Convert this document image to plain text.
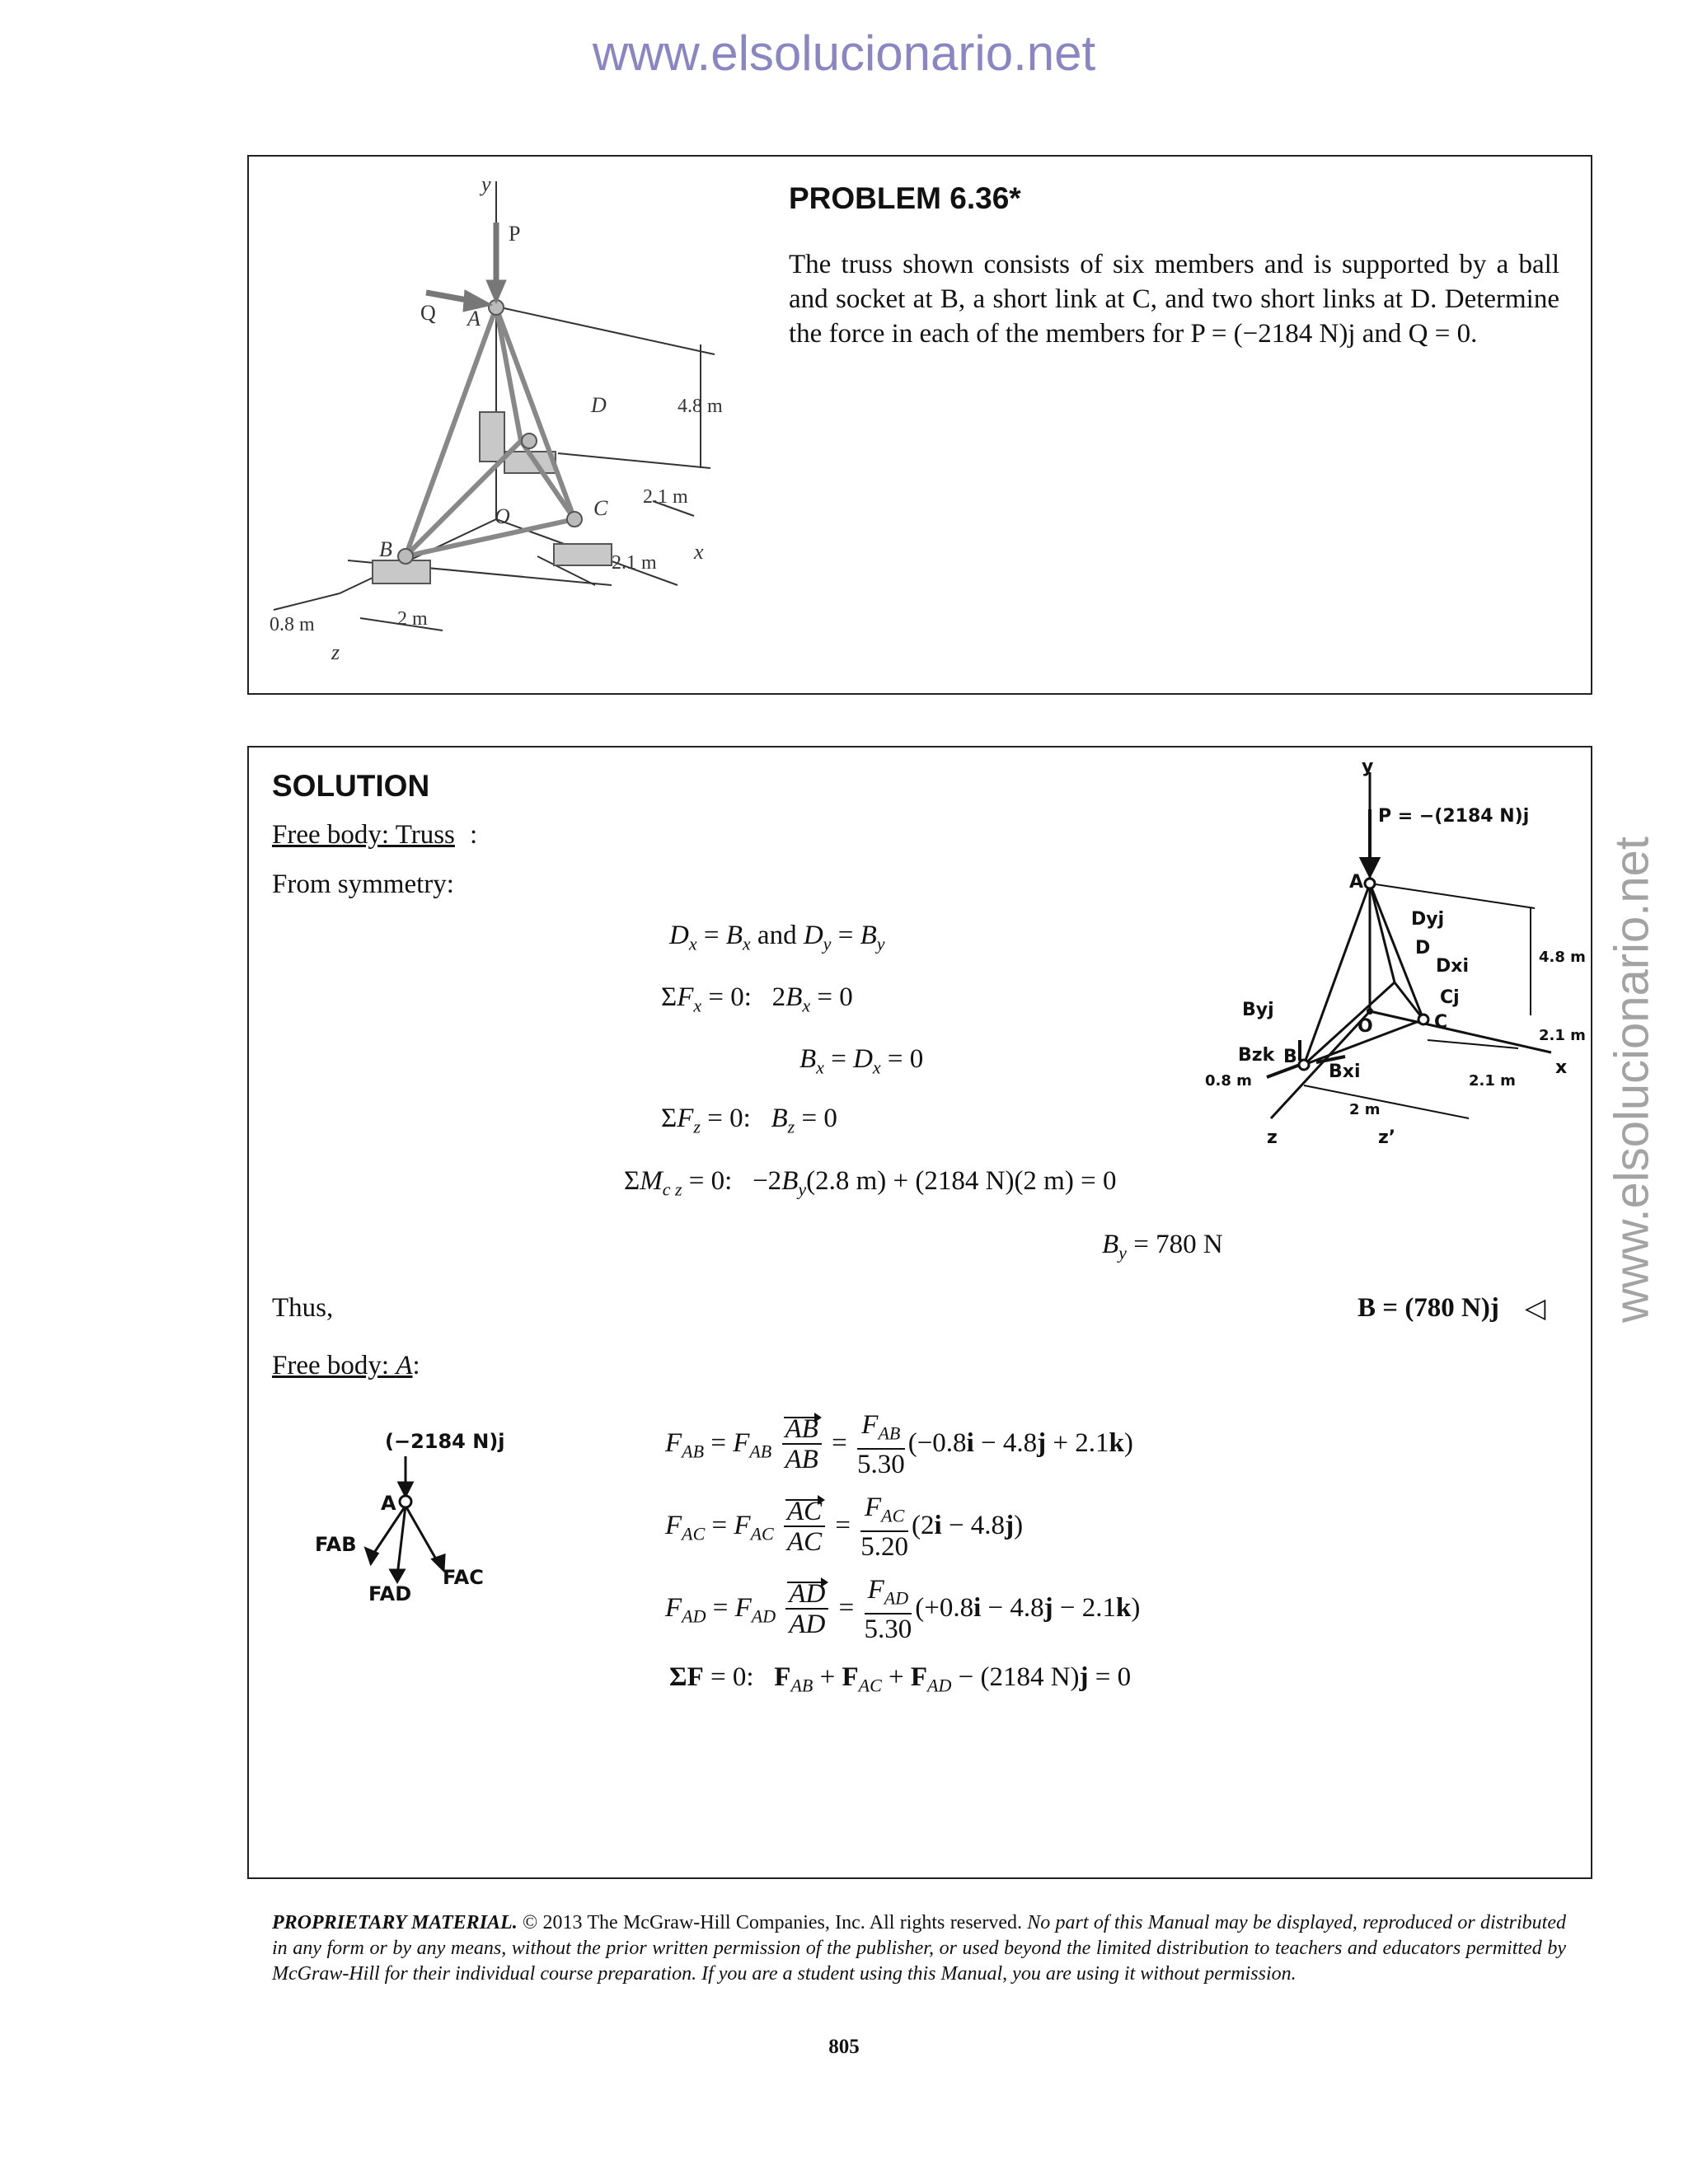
www.elsolucionario.net
www.elsolucionario.net
y
P
Q A
D
O	C
B	x
z
4.8 m
2.1 m
2.1 m
0.8 m	2 m
PROBLEM 6.36*
The truss shown consists of six members and is supported by a ball and socket at B, a short link at C, and two short links at D. Determine the force in each of the members for P = (−2184 N)j and Q = 0.
SOLUTION
Free body: Truss :
From symmetry:
$D_x = B_x$ and $D_y = B_y$
$\Sigma F_x = 0$:   $2B_x = 0$
$B_x = D_x = 0$
$\Sigma F_z = 0$:   $B_z = 0$
$\Sigma M_{c z} = 0$:   $-2B_y(2.8$ m) + (2184 N)(2 m) = 0
$B_y = 780$ N
Thus,	B = (780 N)j ◁
Free body: A:
$F_{AB} = F_{AB} \frac{AB}{AB} = \frac{F_{AB}}{5.30} (-0.8i - 4.8j + 2.1k)$
$F_{AC} = F_{AC} \frac{AC}{AC} = \frac{F_{AC}}{5.20} (2i - 4.8j)$
$F_{AD} = F_{AD} \frac{AD}{AD} = \frac{F_{AD}}{5.30} (+0.8i - 4.8j - 2.1k)$
ΣF = 0:   $F_{AB} + F_{AC} + F_{AD} - (2184$ N)j = 0
y
P = −(2184 N)j
A
Dyj
D
Dxi	4.8 m
Cj
C
O
Byj
Bzk B
Bxi
2.1 m
2.1 m
x
0.8 m
2 m
z	z’
(−2184 N)j
A
FAB
FAD
FAC
PROPRIETARY MATERIAL. © 2013 The McGraw-Hill Companies, Inc. All rights reserved. No part of this Manual may be displayed, reproduced or distributed in any form or by any means, without the prior written permission of the publisher, or used beyond the limited distribution to teachers and educators permitted by McGraw-Hill for their individual course preparation. If you are a student using this Manual, you are using it without permission.
805
